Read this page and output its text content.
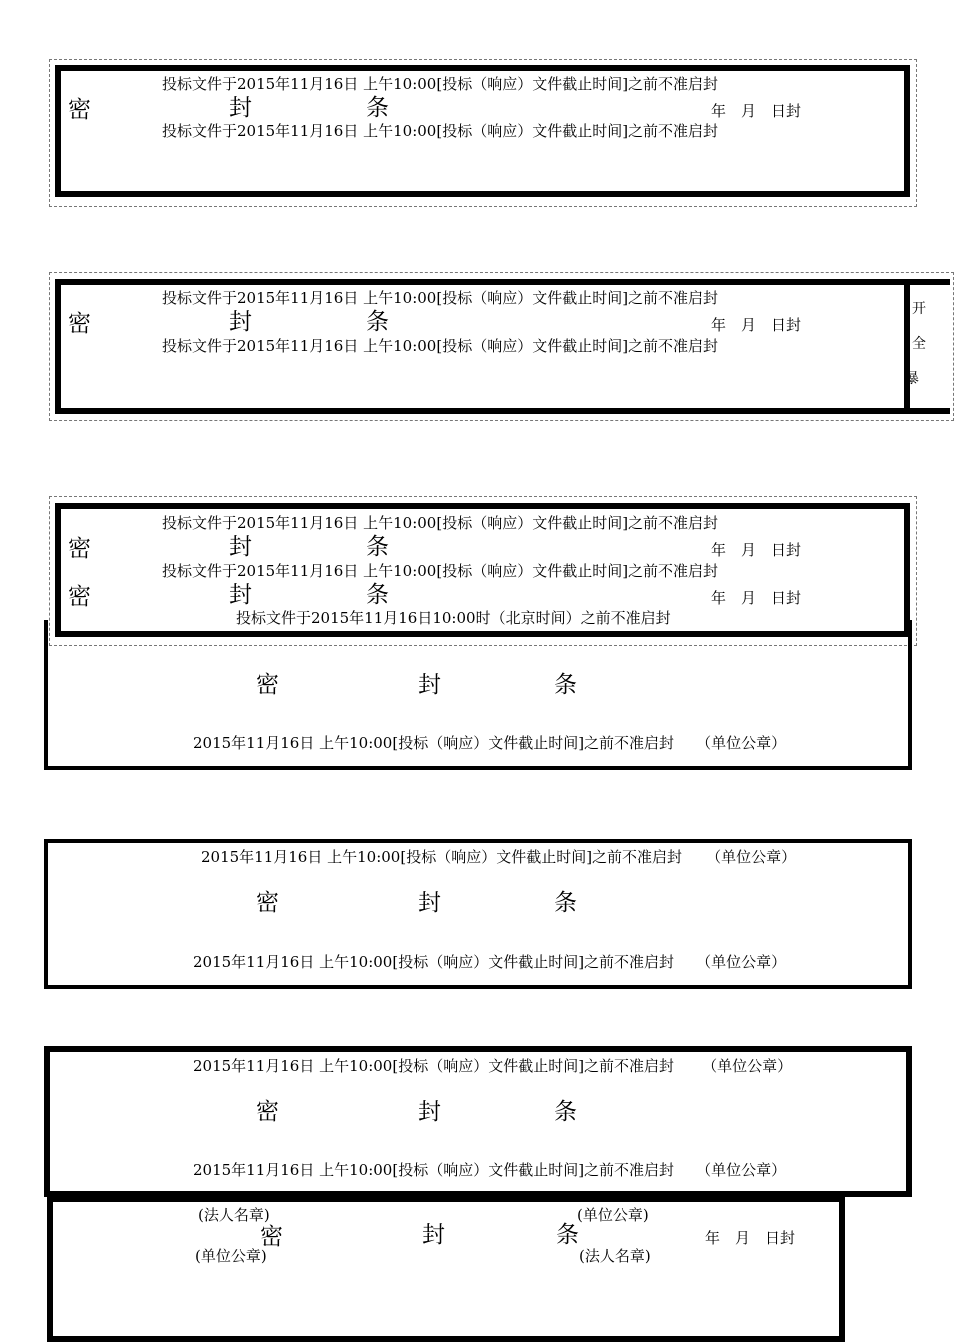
投标文件于2015年11月16日 上午10:00[投标（响应）文件截止时间]之前不准启封
密	封	条	年　月　日封
投标文件于2015年11月16日 上午10:00[投标（响应）文件截止时间]之前不准启封
投标文件于2015年11月16日 上午10:00[投标（响应）文件截止时间]之前不准启封
密	封	条	年　月　日封
投标文件于2015年11月16日 上午10:00[投标（响应）文件截止时间]之前不准启封
开
全
暴
投标文件于2015年11月16日 上午10:00[投标（响应）文件截止时间]之前不准启封
密	封	条	年　月　日封
投标文件于2015年11月16日 上午10:00[投标（响应）文件截止时间]之前不准启封
密	封	条	年　月　日封
投标文件于2015年11月16日10:00时（北京时间）之前不准启封
密	封	条
2015年11月16日 上午10:00[投标（响应）文件截止时间]之前不准启封 （单位公章）
2015年11月16日 上午10:00[投标（响应）文件截止时间]之前不准启封 （单位公章）
密	封	条
2015年11月16日 上午10:00[投标（响应）文件截止时间]之前不准启封 （单位公章）
2015年11月16日 上午10:00[投标（响应）文件截止时间]之前不准启封 （单位公章）
密	封	条
2015年11月16日 上午10:00[投标（响应）文件截止时间]之前不准启封 （单位公章）
(法人名章)	(单位公章)
密	封	条	年　月　日封
(单位公章)	(法人名章)
